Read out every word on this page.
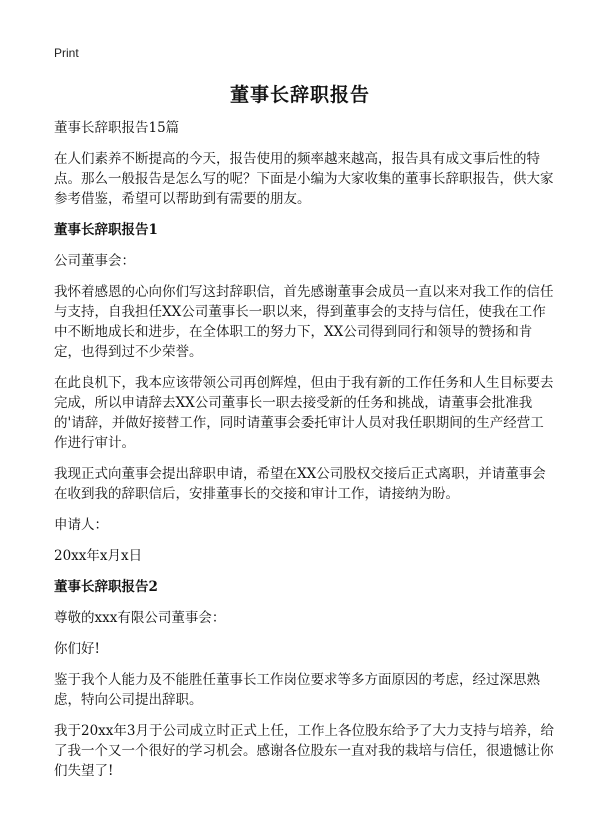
Print
董事长辞职报告

董事长辞职报告15篇

在人们素养不断提高的今天，报告使用的频率越来越高，报告具有成文事后性的特点。那么一般报告是怎么写的呢？下面是小编为大家收集的董事长辞职报告，供大家参考借鉴，希望可以帮助到有需要的朋友。

董事长辞职报告1

公司董事会：

我怀着感恩的心向你们写这封辞职信，首先感谢董事会成员一直以来对我工作的信任与支持，自我担任XX公司董事长一职以来，得到董事会的支持与信任，使我在工作中不断地成长和进步，在全体职工的努力下，XX公司得到同行和领导的赞扬和肯定，也得到过不少荣誉。

在此良机下，我本应该带领公司再创辉煌，但由于我有新的工作任务和人生目标要去完成，所以申请辞去XX公司董事长一职去接受新的任务和挑战，请董事会批准我的'请辞，并做好接替工作，同时请董事会委托审计人员对我任职期间的生产经营工作进行审计。

我现正式向董事会提出辞职申请，希望在XX公司股权交接后正式离职，并请董事会在收到我的辞职信后，安排董事长的交接和审计工作，请接纳为盼。

申请人：

20xx年x月x日

董事长辞职报告2

尊敬的xxx有限公司董事会：

你们好!

鉴于我个人能力及不能胜任董事长工作岗位要求等多方面原因的考虑，经过深思熟虑，特向公司提出辞职。

我于20xx年3月于公司成立时正式上任，工作上各位股东给予了大力支持与培养，给了我一个又一个很好的学习机会。感谢各位股东一直对我的栽培与信任，很遗憾让你们失望了!
